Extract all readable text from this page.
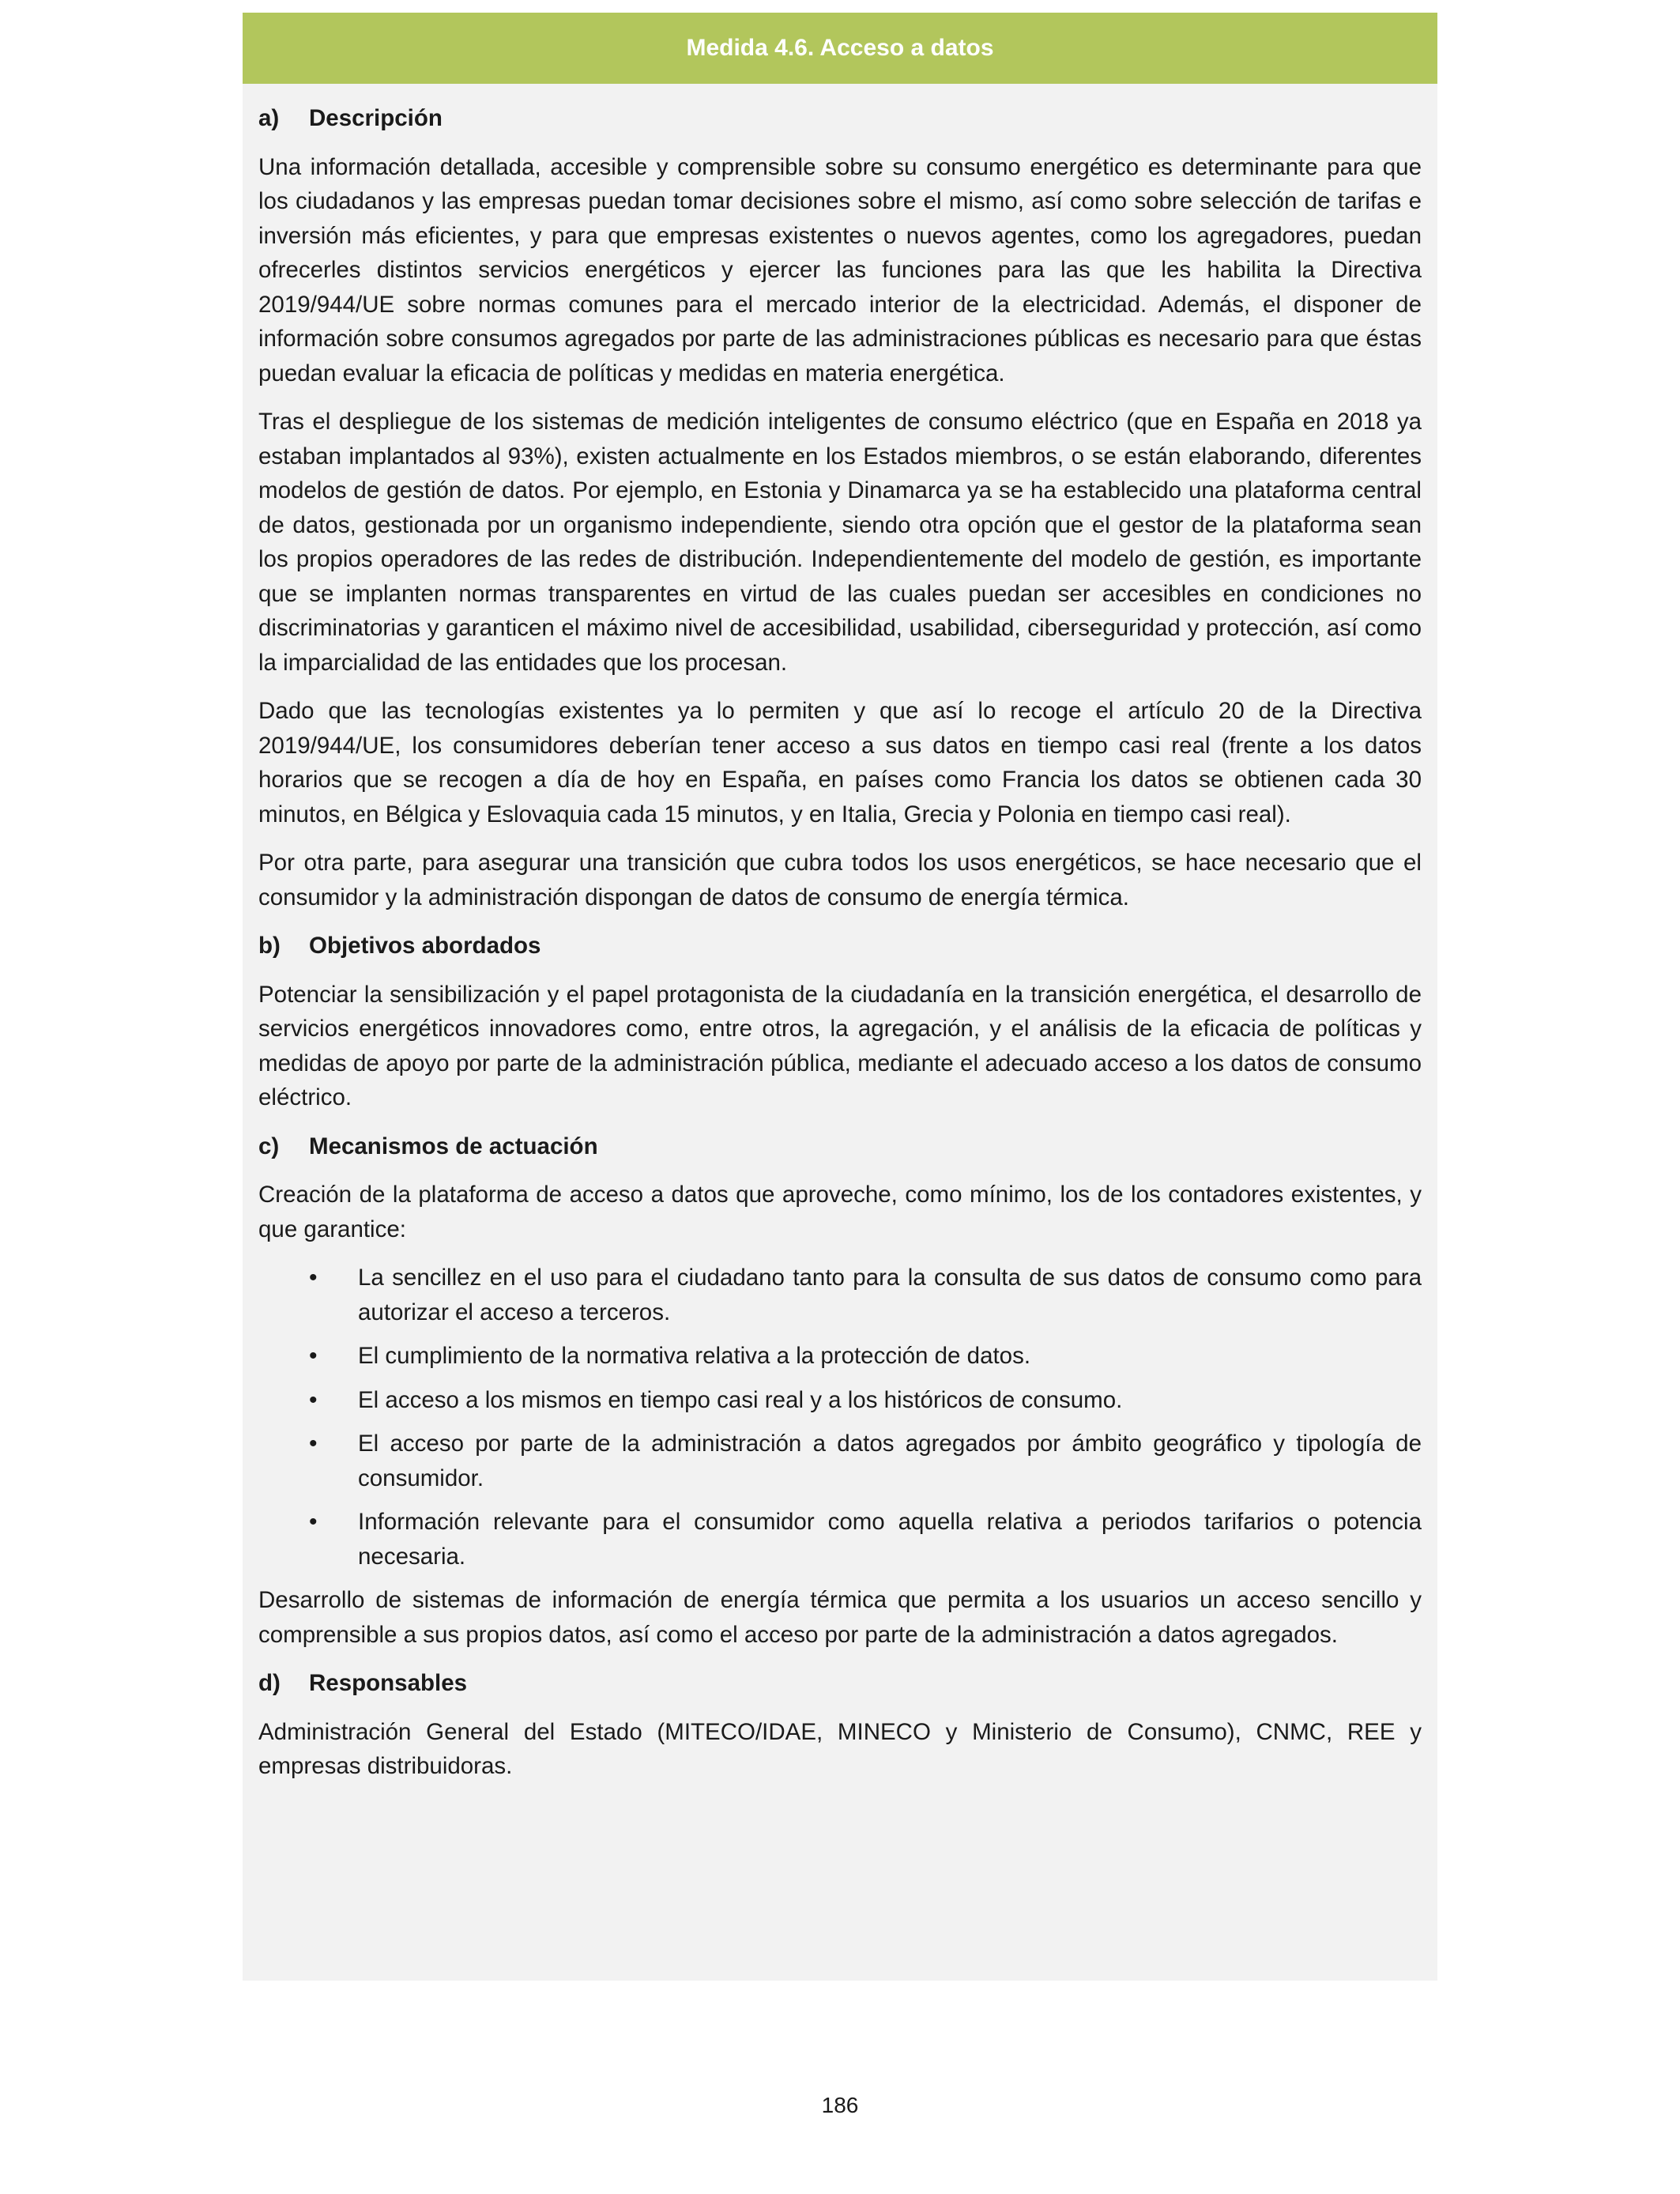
Medida 4.6. Acceso a datos
a)	Descripción

Una información detallada, accesible y comprensible sobre su consumo energético es determinante para que los ciudadanos y las empresas puedan tomar decisiones sobre el mismo, así como sobre selección de tarifas e inversión más eficientes, y para que empresas existentes o nuevos agentes, como los agregadores, puedan ofrecerles distintos servicios energéticos y ejercer las funciones para las que les habilita la Directiva 2019/944/UE sobre normas comunes para el mercado interior de la electricidad. Además, el disponer de información sobre consumos agregados por parte de las administraciones públicas es necesario para que éstas puedan evaluar la eficacia de políticas y medidas en materia energética.

Tras el despliegue de los sistemas de medición inteligentes de consumo eléctrico (que en España en 2018 ya estaban implantados al 93%), existen actualmente en los Estados miembros, o se están elaborando, diferentes modelos de gestión de datos. Por ejemplo, en Estonia y Dinamarca ya se ha establecido una plataforma central de datos, gestionada por un organismo independiente, siendo otra opción que el gestor de la plataforma sean los propios operadores de las redes de distribución. Independientemente del modelo de gestión, es importante que se implanten normas transparentes en virtud de las cuales puedan ser accesibles en condiciones no discriminatorias y garanticen el máximo nivel de accesibilidad, usabilidad, ciberseguridad y protección, así como la imparcialidad de las entidades que los procesan.

Dado que las tecnologías existentes ya lo permiten y que así lo recoge el artículo 20 de la Directiva 2019/944/UE, los consumidores deberían tener acceso a sus datos en tiempo casi real (frente a los datos horarios que se recogen a día de hoy en España, en países como Francia los datos se obtienen cada 30 minutos, en Bélgica y Eslovaquia cada 15 minutos, y en Italia, Grecia y Polonia en tiempo casi real).

Por otra parte, para asegurar una transición que cubra todos los usos energéticos, se hace necesario que el consumidor y la administración dispongan de datos de consumo de energía térmica.

b)	Objetivos abordados

Potenciar la sensibilización y el papel protagonista de la ciudadanía en la transición energética, el desarrollo de servicios energéticos innovadores como, entre otros, la agregación, y el análisis de la eficacia de políticas y medidas de apoyo por parte de la administración pública, mediante el adecuado acceso a los datos de consumo eléctrico.

c)	Mecanismos de actuación

Creación de la plataforma de acceso a datos que aproveche, como mínimo, los de los contadores existentes, y que garantice:

• La sencillez en el uso para el ciudadano tanto para la consulta de sus datos de consumo como para autorizar el acceso a terceros.
• El cumplimiento de la normativa relativa a la protección de datos.
• El acceso a los mismos en tiempo casi real y a los históricos de consumo.
• El acceso por parte de la administración a datos agregados por ámbito geográfico y tipología de consumidor.
• Información relevante para el consumidor como aquella relativa a periodos tarifarios o potencia necesaria.

Desarrollo de sistemas de información de energía térmica que permita a los usuarios un acceso sencillo y comprensible a sus propios datos, así como el acceso por parte de la administración a datos agregados.

d)	Responsables

Administración General del Estado (MITECO/IDAE, MINECO y Ministerio de Consumo), CNMC, REE y empresas distribuidoras.

186
